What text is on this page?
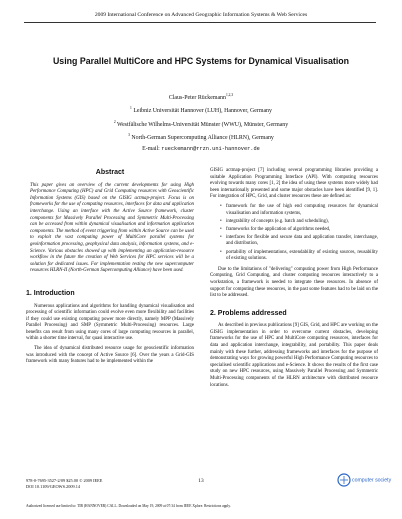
2009 International Conference on Advanced Geographic Information Systems & Web Services
Using Parallel MultiCore and HPC Systems for Dynamical Visualisation
Claus-Peter Rückemann$^{1,2,3}$
$^1$ Leibniz Universität Hannover (LUH), Hannover, Germany
$^2$ Westfälische Wilhelms-Universität Münster (WWU), Münster, Germany
$^3$ North-German Supercomputing Alliance (HLRN), Germany
E-mail: rueckemann@rrzn.uni-hannover.de
Abstract

This paper gives an overview of the current developments for using High Performance Computing (HPC) and Grid Computing resources with Geoscientific Information Systems (GIS) based on the GISIG actmap-project. Focus is on frameworks for the use of computing resources, interfaces for data and application interchange. Using an interface with the Active Source framework, cluster components for Massively Parallel Processing and Symmetric Multi-Processing can be accessed from within dynamical visualisation and information application components. The method of event triggering from within Active Source can be used to exploit the vast computing power of MultiCore parallel systems for geoinformation processing, geophysical data analysis, information systems, and e-Science. Various obstacles showed up with implementing an application-resource workflow in the future the creation of Web Services for HPC services will be a solution for dedicated issues. For implementation testing the new supercomputer resources HLRN-II (North-German Supercomputing Alliance) have been used.

1. Introduction

Numerous applications and algorithms for handling dynamical visualisation and processing of scientific information could evolve even more flexibility and facilities if they could use existing computing power more directly, namely MPP (Massively Parallel Processing) and SMP (Symmetric Multi-Processing) resources. Large benefits can result from using many cores of large computing resources in parallel, within a shorter time interval, for quasi interactive use.

The idea of dynamical distributed resource usage for geoscientific information was introduced with the concept of Active Source [6]. Over the years a Grid-GIS framework with many features had to be implemented within the

GISIG actmap-project [7] including several programming libraries providing a suitable Application Programming Interface (API). With computing resources evolving towards many cores [1, 2] the idea of using these systems more widely had been internationally presented and some major obstacles have been identified [9, 1]. For integration of HPC, Grid, and cluster resources these are defined as:

• framework for the use of high end computing resources for dynamical visualisation and information systems,
• integrability of concepts (e.g. batch and scheduling),
• frameworks for the application of algorithms needed,
• interfaces for flexible and secure data and application transfer, interchange, and distribution,
• portability of implementations, extendability of existing sources, reusability of existing solutions.

Due to the limitations of "delivering" computing power from High Performance Computing, Grid Computing, and cluster computing resources interactively to a workstation, a framework is needed to integrate these resources. In absence of support for computing these resources, in the past some features had to be laid on the list to be addressed.

2. Problems addressed

As described in previous publications [9] GIS, Grid, and HPC are working on the GISIG implementation in order to overcome current obstacles, developing frameworks for the use of HPC and MultiCore computing resources, interfaces for data and application interchange, integrability, and portability. This paper deals mainly with these further, addressing frameworks and interfaces for the purpose of demonstrating ways for growing powerful High Performance Computing resources to specialised scientific applications and e-Science. It shows the results of the first case study on new HPC resources, using Massively Parallel Processing and Symmetric Multi-Processing components of the HLRN architecture with distributed resource locations.

978-0-7695-3527-2/09 $25.00 © 2009 IEEE
DOI 10.1109/GEOWS.2009.14
13	computer society
Authorized licensed use limited to: TIB (HANNOVER) CALL. Downloaded on May 19, 2009 at 07:34 from IEEE Xplore. Restrictions apply.
